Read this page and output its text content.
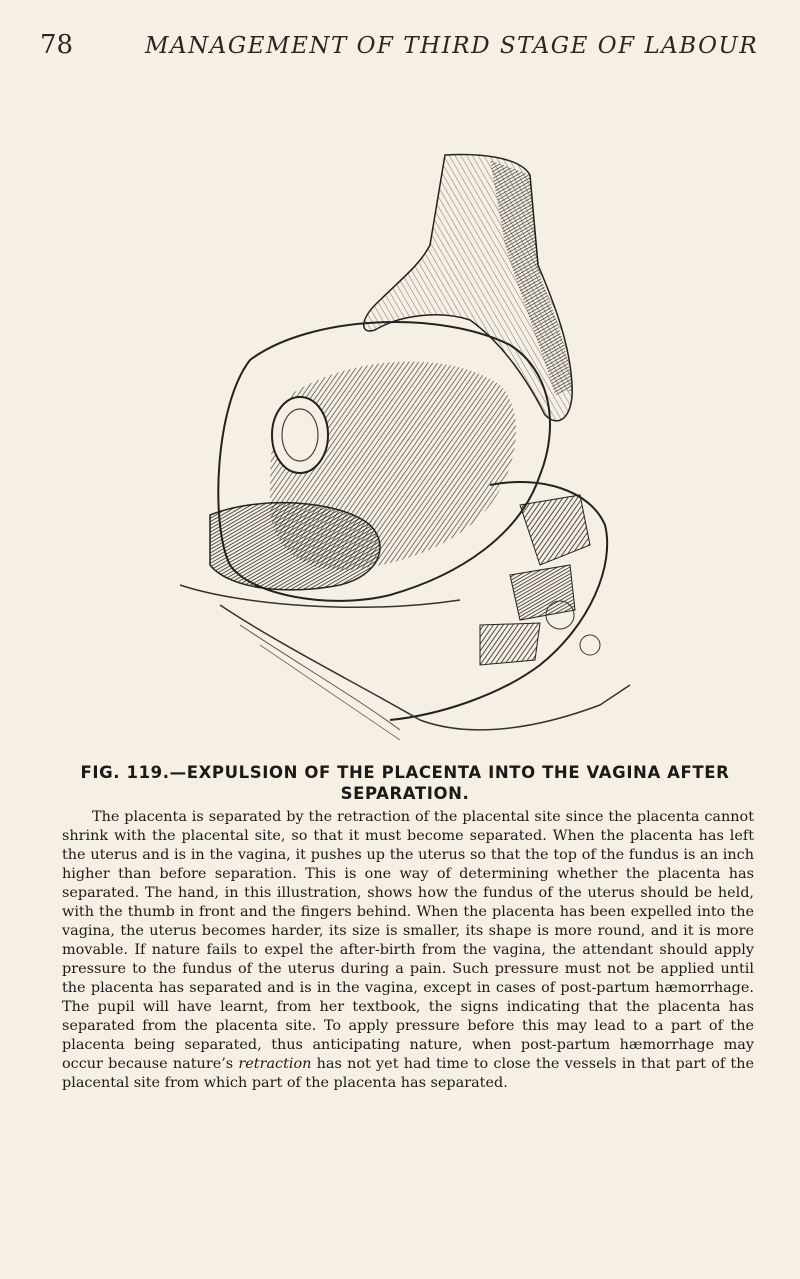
78	MANAGEMENT OF THIRD STAGE OF LABOUR
FIG. 119.—EXPULSION OF THE PLACENTA INTO THE VAGINA AFTER SEPARATION.

The placenta is separated by the retraction of the placental site since the placenta cannot shrink with the placental site, so that it must become separated. When the placenta has left the uterus and is in the vagina, it pushes up the uterus so that the top of the fundus is an inch higher than before separation. This is one way of determining whether the placenta has separated. The hand, in this illustration, shows how the fundus of the uterus should be held, with the thumb in front and the fingers behind. When the placenta has been expelled into the vagina, the uterus becomes harder, its size is smaller, its shape is more round, and it is more movable. If nature fails to expel the after-birth from the vagina, the attendant should apply pressure to the fundus of the uterus during a pain. Such pressure must not be applied until the placenta has separated and is in the vagina, except in cases of post-partum hæmorrhage. The pupil will have learnt, from her textbook, the signs indicating that the placenta has separated from the placenta site. To apply pressure before this may lead to a part of the placenta being separated, thus anticipating nature, when post-partum hæmorrhage may occur because nature’s retraction has not yet had time to close the vessels in that part of the placental site from which part of the placenta has separated.
